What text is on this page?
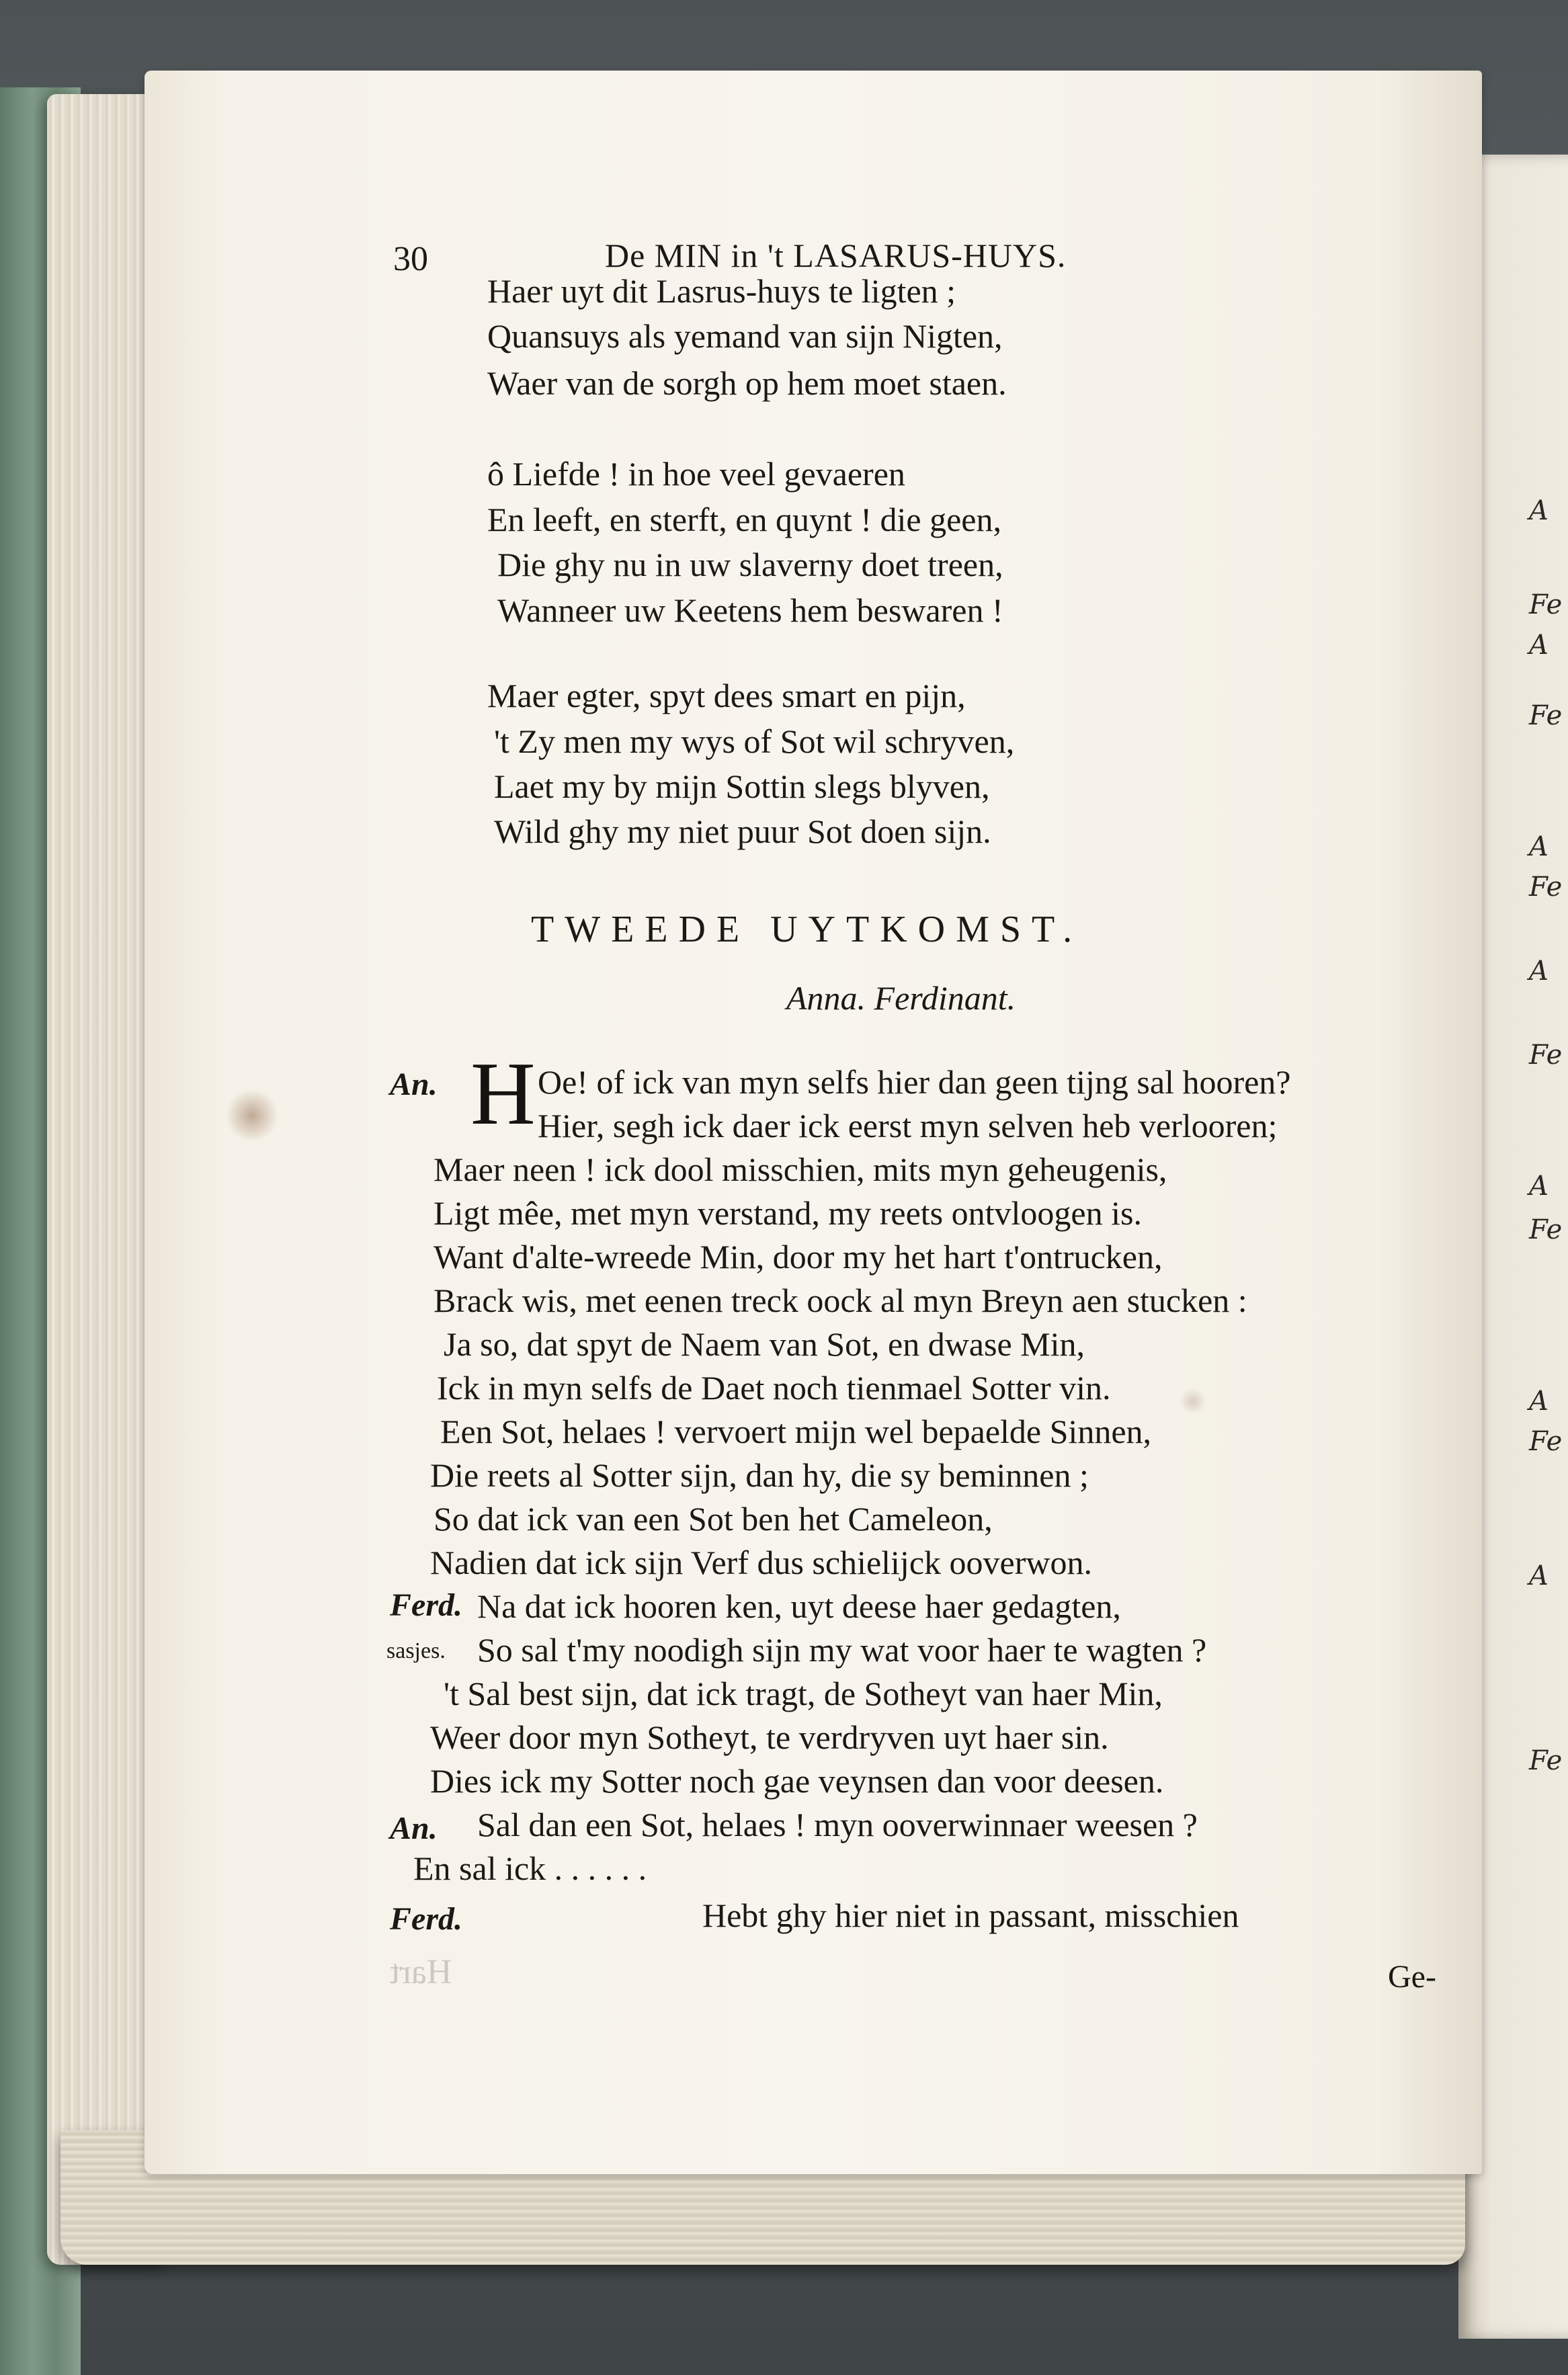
A
Fe
A
Fe
A
Fe
A
Fe
A
Fe
A
Fe
A
Fe
30	De MIN in 't LASARUS-HUYS.
Haer uyt dit Lasrus-huys te ligten ;
Quansuys als yemand van sijn Nigten,
Waer van de sorgh op hem moet staen.
ô Liefde ! in hoe veel gevaeren
En leeft, en sterft, en quynt ! die geen,
Die ghy nu in uw slaverny doet treen,
Wanneer uw Keetens hem beswaren !
Maer egter, spyt dees smart en pijn,
't Zy men my wys of Sot wil schryven,
Laet my by mijn Sottin slegs blyven,
Wild ghy my niet puur Sot doen sijn.
TWEEDE UYTKOMST.
Anna. Ferdinant.
An. H Oe! of ick van myn selfs hier dan geen tijng sal hooren?
Hier, segh ick daer ick eerst myn selven heb verlooren;
Maer neen ! ick dool misschien, mits myn geheugenis,
Ligt mêe, met myn verstand, my reets ontvloogen is.
Want d'alte-wreede Min, door my het hart t'ontrucken,
Brack wis, met eenen treck oock al myn Breyn aen stucken :
Ja so, dat spyt de Naem van Sot, en dwase Min,
Ick in myn selfs de Daet noch tienmael Sotter vin.
Een Sot, helaes ! vervoert mijn wel bepaelde Sinnen,
Die reets al Sotter sijn, dan hy, die sy beminnen ;
So dat ick van een Sot ben het Cameleon,
Nadien dat ick sijn Verf dus schielijck ooverwon.
Ferd. Na dat ick hooren ken, uyt deese haer gedagten,
sasjes. So sal t'my noodigh sijn my wat voor haer te wagten ?
't Sal best sijn, dat ick tragt, de Sotheyt van haer Min,
Weer door myn Sotheyt, te verdryven uyt haer sin.
Dies ick my Sotter noch gae veynsen dan voor deesen.
An. Sal dan een Sot, helaes ! myn ooverwinnaer weesen ?
En sal ick . . . . . .
Ferd.	Hebt ghy hier niet in passant, misschien
Ge-
Hart
